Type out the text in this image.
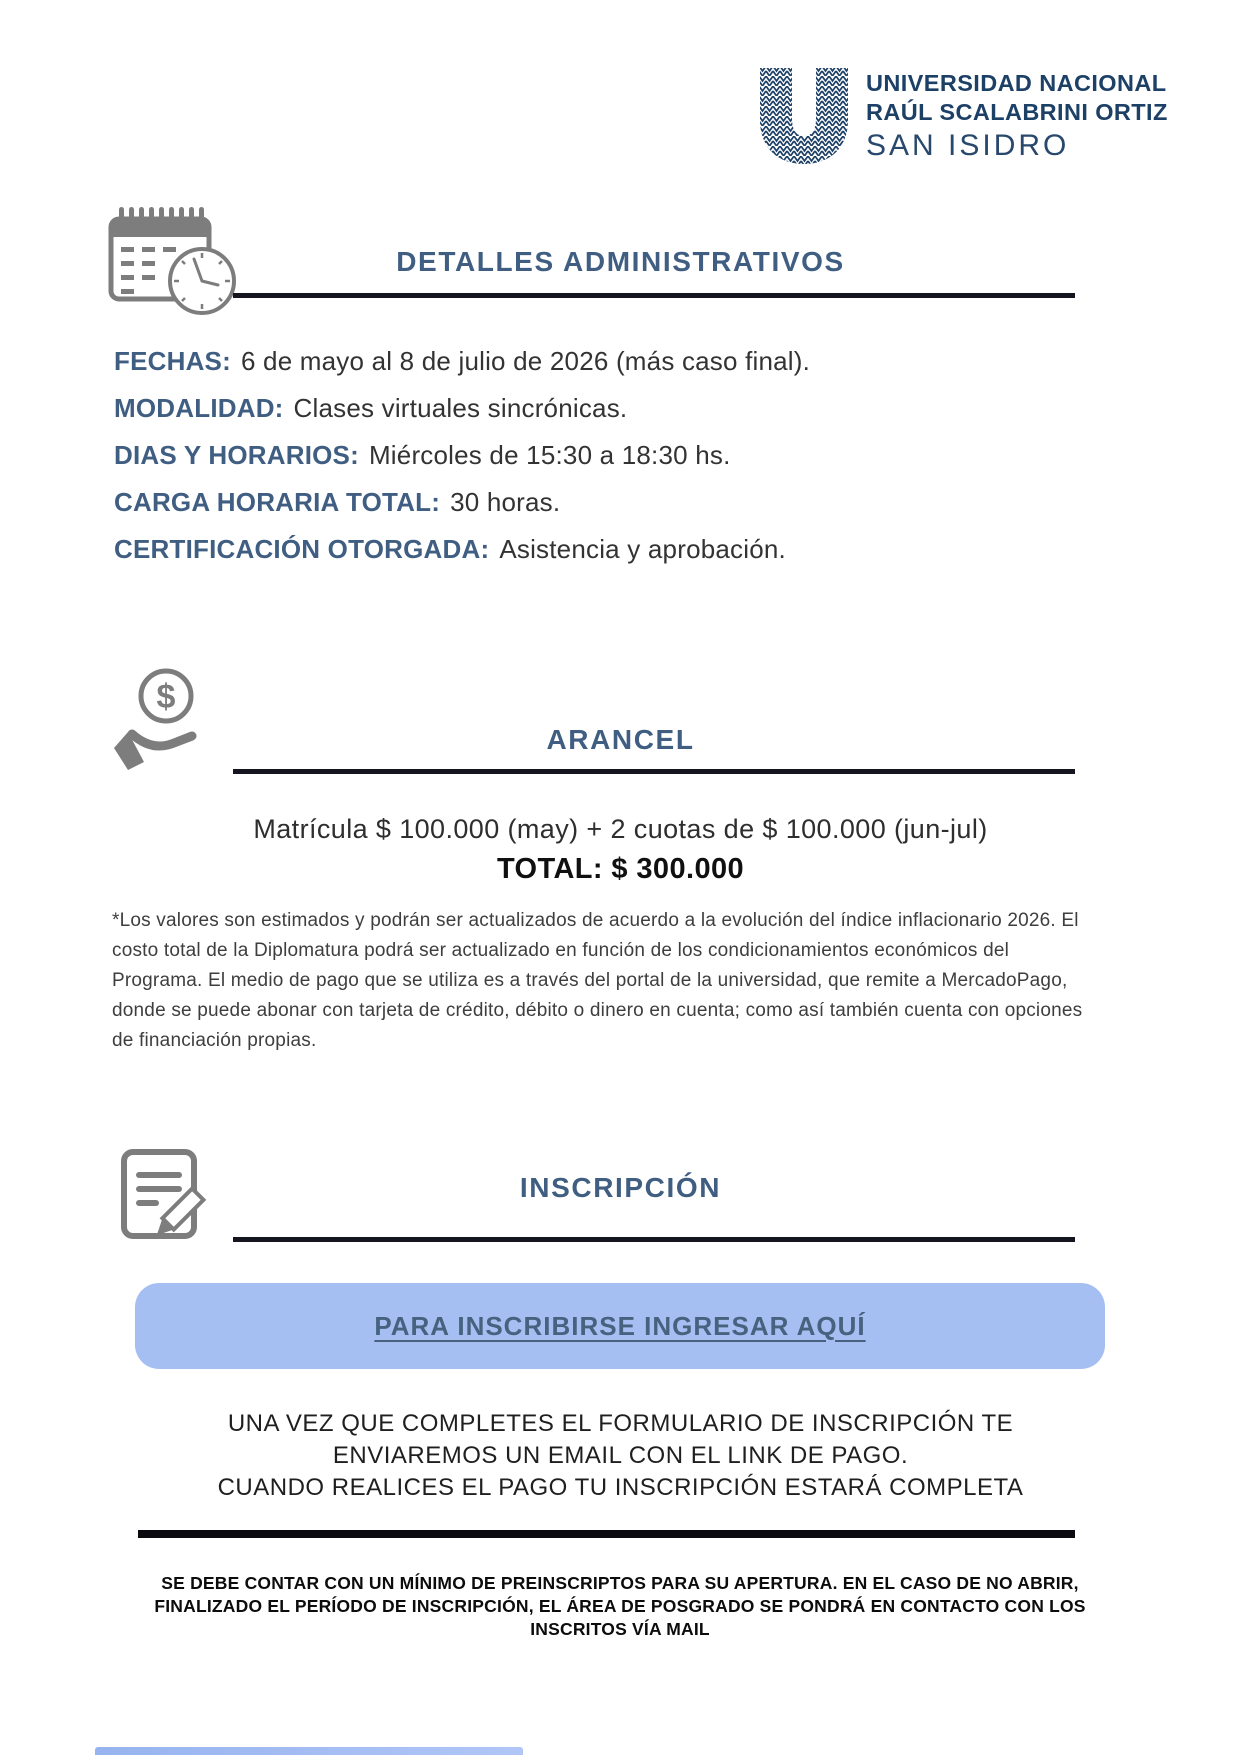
UNIVERSIDAD NACIONAL
RAÚL SCALABRINI ORTIZ
SAN ISIDRO
DETALLES ADMINISTRATIVOS
FECHAS: 6 de mayo al 8 de julio de 2026 (más caso final).
MODALIDAD: Clases virtuales sincrónicas.
DIAS Y HORARIOS: Miércoles de 15:30 a 18:30 hs.
CARGA HORARIA TOTAL: 30 horas.
CERTIFICACIÓN OTORGADA: Asistencia y aprobación.
$
ARANCEL
Matrícula $ 100.000 (may) + 2 cuotas de $ 100.000 (jun-jul)
TOTAL: $ 300.000
*Los valores son estimados y podrán ser actualizados de acuerdo a la evolución del índice inflacionario 2026. El costo total de la Diplomatura podrá ser actualizado en función de los condicionamientos económicos del Programa. El medio de pago que se utiliza es a través del portal de la universidad, que remite a MercadoPago, donde se puede abonar con tarjeta de crédito, débito o dinero en cuenta; como así también cuenta con opciones de financiación propias.
INSCRIPCIÓN
PARA INSCRIBIRSE INGRESAR AQUÍ
UNA VEZ QUE COMPLETES EL FORMULARIO DE INSCRIPCIÓN TE
ENVIAREMOS UN EMAIL CON EL LINK DE PAGO.
CUANDO REALICES EL PAGO TU INSCRIPCIÓN ESTARÁ COMPLETA
SE DEBE CONTAR CON UN MÍNIMO DE PREINSCRIPTOS PARA SU APERTURA. EN EL CASO DE NO ABRIR, FINALIZADO EL PERÍODO DE INSCRIPCIÓN, EL ÁREA DE POSGRADO SE PONDRÁ EN CONTACTO CON LOS INSCRITOS VÍA MAIL
